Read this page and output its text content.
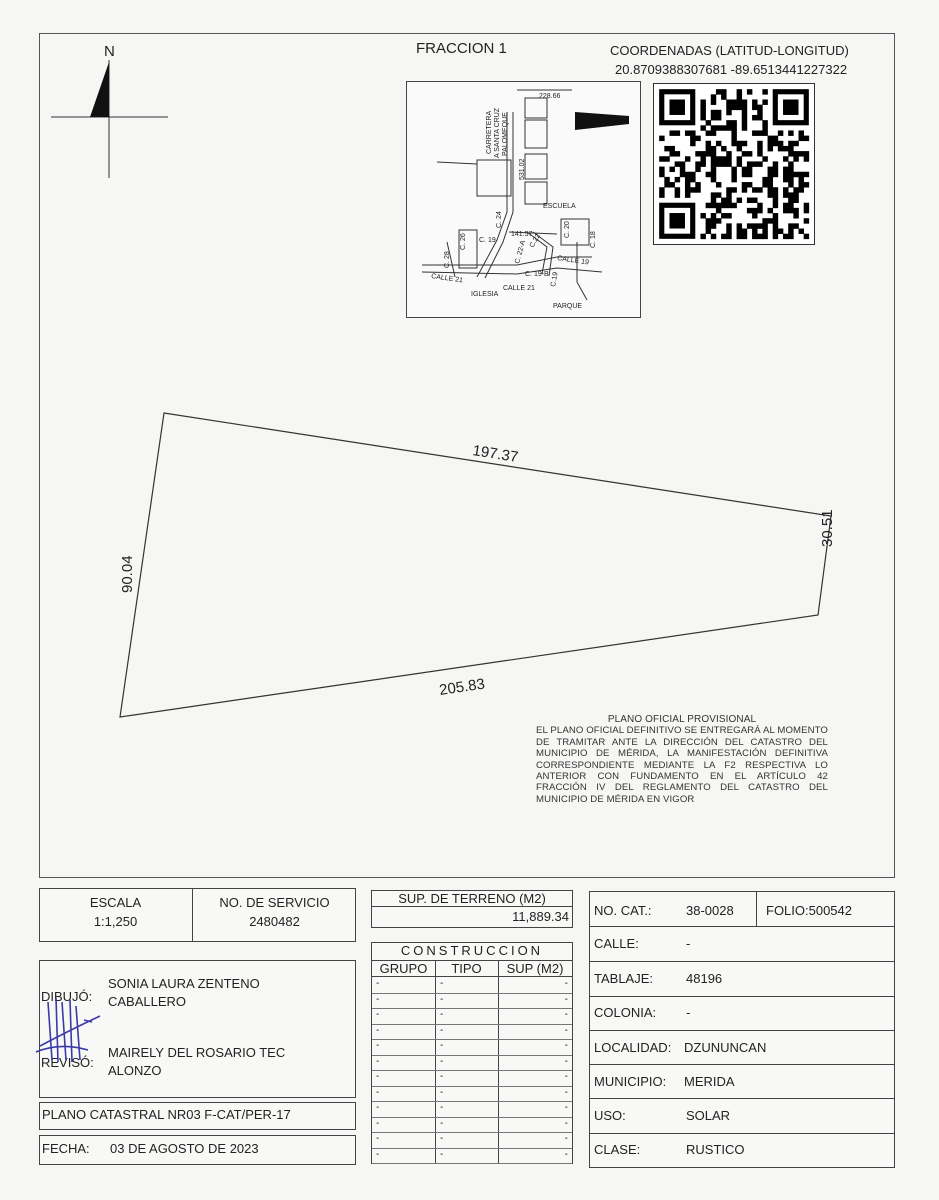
N	FRACCION 1	COORDENADAS (LATITUD-LONGITUD)
20.8709388307681 -89.6513441227322
CARRETERA A SANTA CRUZ PALOMEQUE
228.66
531.02
141.57
ESCUELA
C. 24
C. 26
C. 28
C. 19
C. 20
C. 18
C. 22-A C.22
C. 19-B C.19
CALLE 19
CALLE 21
CALLE 21
IGLESIA
PARQUE
197.37
90.04
30.51
205.83
PLANO OFICIAL PROVISIONAL
EL PLANO OFICIAL DEFINITIVO SE ENTREGARÁ AL MOMENTO DE TRAMITAR ANTE LA DIRECCIÓN DEL CATASTRO DEL MUNICIPIO DE MÉRIDA, LA MANIFESTACIÓN DEFINITIVA CORRESPONDIENTE MEDIANTE LA F2 RESPECTIVA LO ANTERIOR CON FUNDAMENTO EN EL ARTÍCULO 42 FRACCIÓN IV DEL REGLAMENTO DEL CATASTRO DEL MUNICIPIO DE MÉRIDA EN VIGOR
ESCALA
1:1,250
NO. DE SERVICIO
2480482
DIBUJÓ:
SONIA LAURA ZENTENO
CABALLERO
REVISÓ:
MAIRELY DEL ROSARIO TEC
ALONZO
PLANO CATASTRAL NR03 F-CAT/PER-17
FECHA: 03 DE AGOSTO DE 2023
SUP. DE TERRENO (M2)
11,889.34
CONSTRUCCION
GRUPO	TIPO	SUP (M2)
-	-	-
-	-	-
-	-	-
-	-	-
-	-	-
-	-	-
-	-	-
-	-	-
-	-	-
-	-	-
-	-	-
-	-	-
NO. CAT.:	38-0028 FOLIO:500542
CALLE:	-
TABLAJE:	48196
COLONIA: -
LOCALIDAD: DZUNUNCAN
MUNICIPIO: MERIDA
USO:	SOLAR
CLASE:	RUSTICO
